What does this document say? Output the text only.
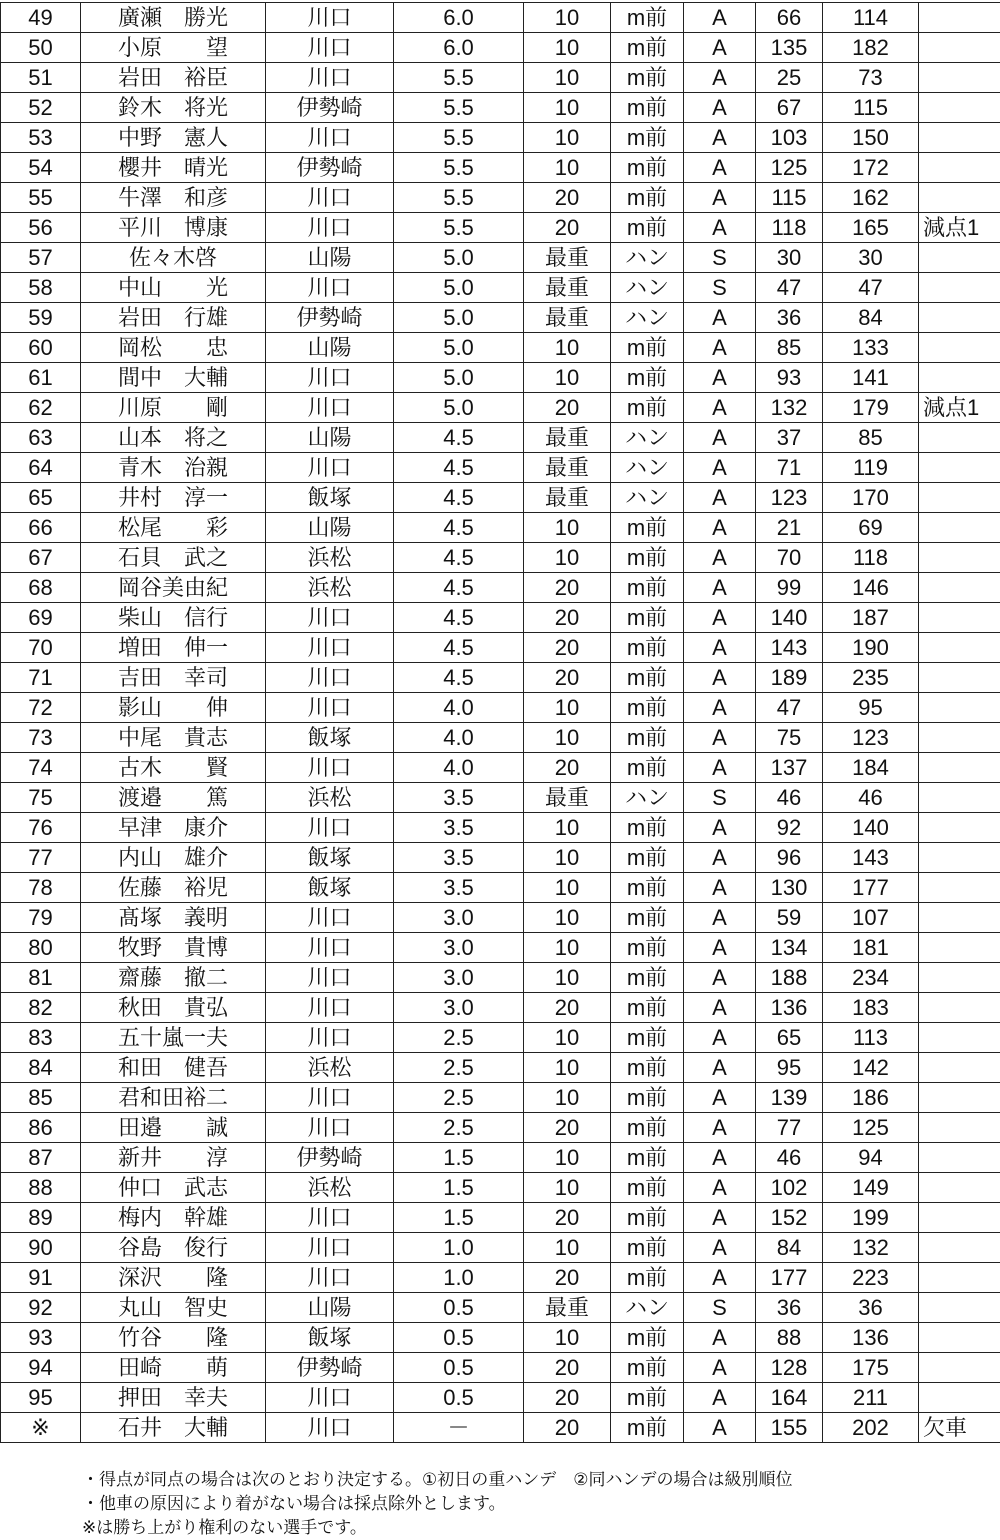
49	廣瀬　勝光	川口	6.0	10	m前	A	66	114	
50	小原　　望	川口	6.0	10	m前	A	135	182	
51	岩田　裕臣	川口	5.5	10	m前	A	25	73	
52	鈴木　将光	伊勢崎	5.5	10	m前	A	67	115	
53	中野　憲人	川口	5.5	10	m前	A	103	150	
54	櫻井　晴光	伊勢崎	5.5	10	m前	A	125	172	
55	牛澤　和彦	川口	5.5	20	m前	A	115	162	
56	平川　博康	川口	5.5	20	m前	A	118	165	減点1
57	佐々木啓	山陽	5.0	最重	ハン	S	30	30	
58	中山　　光	川口	5.0	最重	ハン	S	47	47	
59	岩田　行雄	伊勢崎	5.0	最重	ハン	A	36	84	
60	岡松　　忠	山陽	5.0	10	m前	A	85	133	
61	間中　大輔	川口	5.0	10	m前	A	93	141	
62	川原　　剛	川口	5.0	20	m前	A	132	179	減点1
63	山本　将之	山陽	4.5	最重	ハン	A	37	85	
64	青木　治親	川口	4.5	最重	ハン	A	71	119	
65	井村　淳一	飯塚	4.5	最重	ハン	A	123	170	
66	松尾　　彩	山陽	4.5	10	m前	A	21	69	
67	石貝　武之	浜松	4.5	10	m前	A	70	118	
68	岡谷美由紀	浜松	4.5	20	m前	A	99	146	
69	柴山　信行	川口	4.5	20	m前	A	140	187	
70	増田　伸一	川口	4.5	20	m前	A	143	190	
71	吉田　幸司	川口	4.5	20	m前	A	189	235	
72	影山　　伸	川口	4.0	10	m前	A	47	95	
73	中尾　貴志	飯塚	4.0	10	m前	A	75	123	
74	古木　　賢	川口	4.0	20	m前	A	137	184	
75	渡邉　　篤	浜松	3.5	最重	ハン	S	46	46	
76	早津　康介	川口	3.5	10	m前	A	92	140	
77	内山　雄介	飯塚	3.5	10	m前	A	96	143	
78	佐藤　裕児	飯塚	3.5	10	m前	A	130	177	
79	髙塚　義明	川口	3.0	10	m前	A	59	107	
80	牧野　貴博	川口	3.0	10	m前	A	134	181	
81	齋藤　撤二	川口	3.0	10	m前	A	188	234	
82	秋田　貴弘	川口	3.0	20	m前	A	136	183	
83	五十嵐一夫	川口	2.5	10	m前	A	65	113	
84	和田　健吾	浜松	2.5	10	m前	A	95	142	
85	君和田裕二	川口	2.5	10	m前	A	139	186	
86	田邉　　誠	川口	2.5	20	m前	A	77	125	
87	新井　　淳	伊勢崎	1.5	10	m前	A	46	94	
88	仲口　武志	浜松	1.5	10	m前	A	102	149	
89	梅内　幹雄	川口	1.5	20	m前	A	152	199	
90	谷島　俊行	川口	1.0	10	m前	A	84	132	
91	深沢　　隆	川口	1.0	20	m前	A	177	223	
92	丸山　智史	山陽	0.5	最重	ハン	S	36	36	
93	竹谷　　隆	飯塚	0.5	10	m前	A	88	136	
94	田崎　　萌	伊勢崎	0.5	20	m前	A	128	175	
95	押田　幸夫	川口	0.5	20	m前	A	164	211	
※	石井　大輔	川口	－	20	m前	A	155	202	欠車
・得点が同点の場合は次のとおり決定する。①初日の重ハンデ　②同ハンデの場合は級別順位
・他車の原因により着がない場合は採点除外とします。
※は勝ち上がり権利のない選手です。
